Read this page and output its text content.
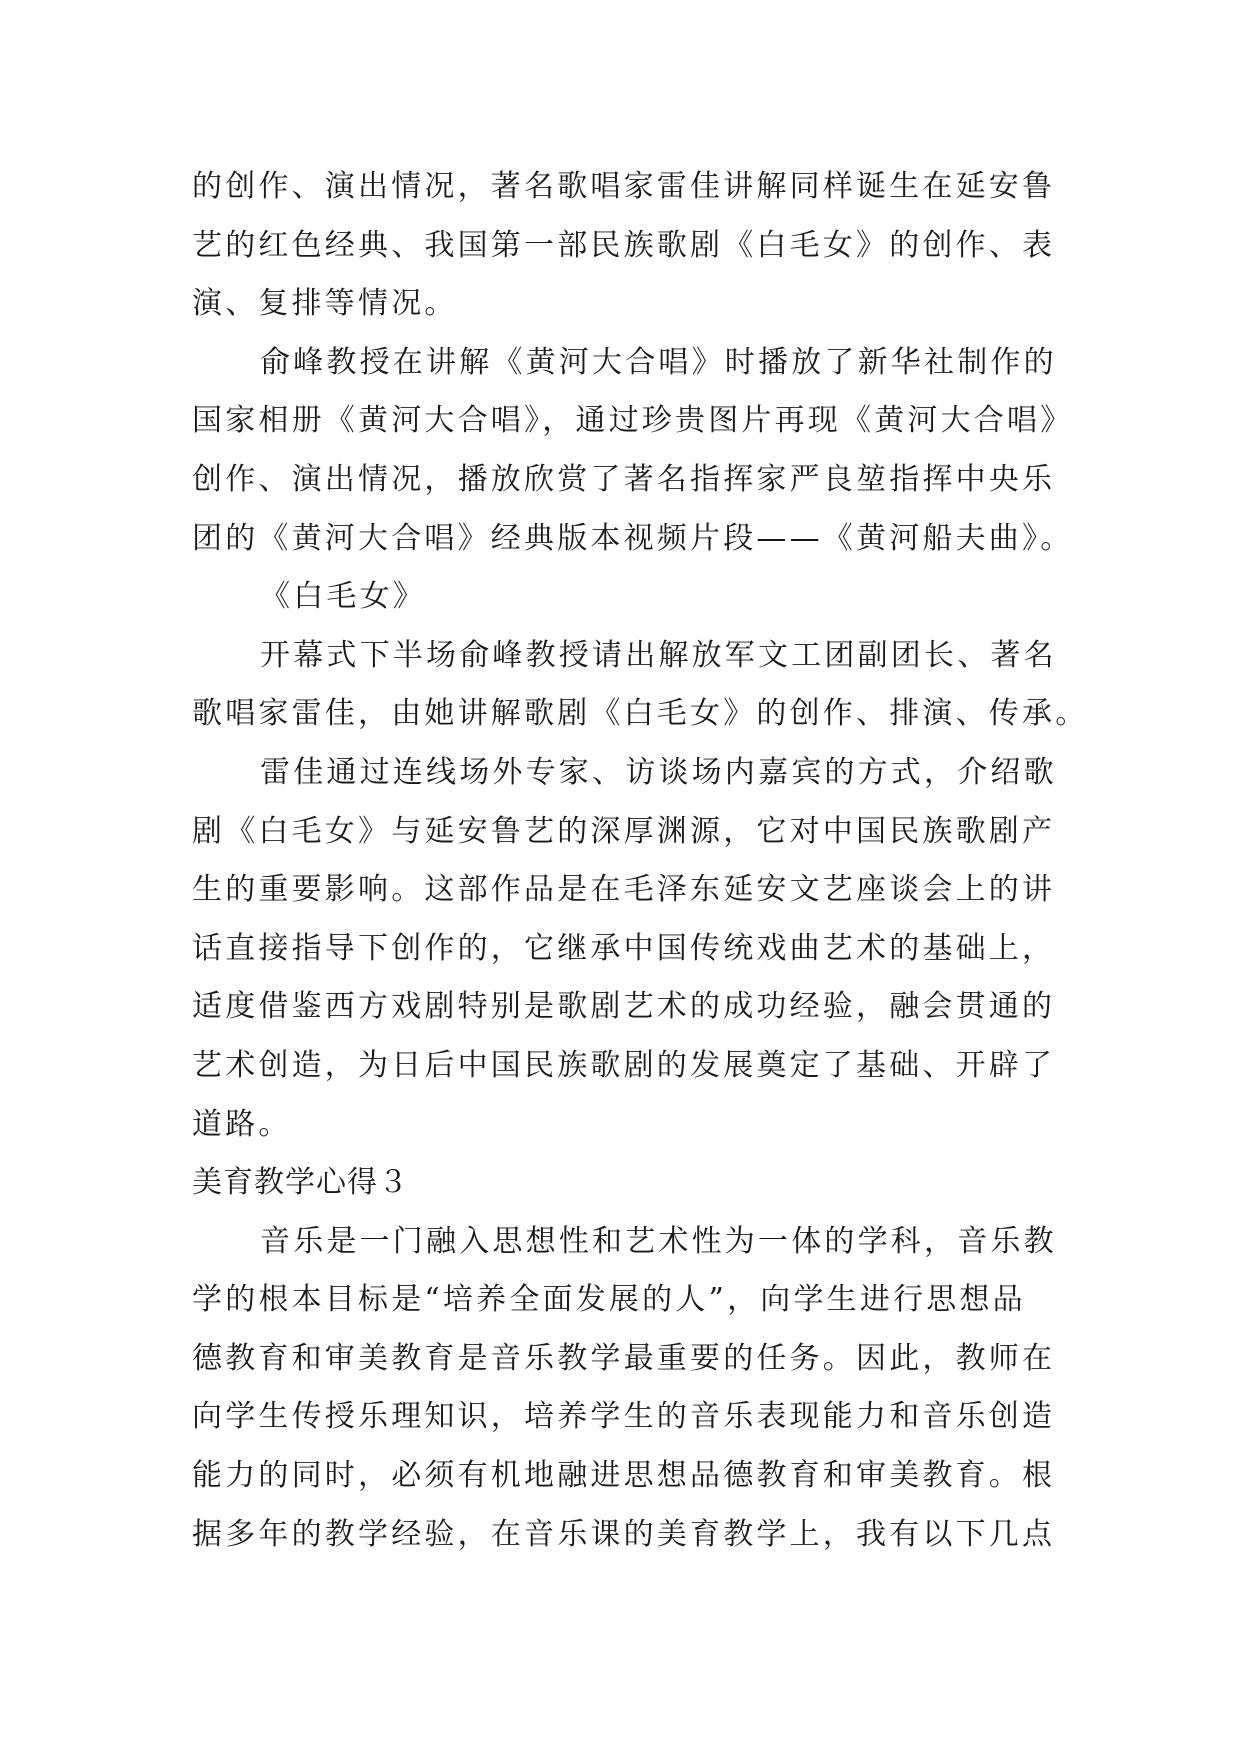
的创作、演出情况，著名歌唱家雷佳讲解同样诞生在延安鲁
艺的红色经典、我国第一部民族歌剧《白毛女》的创作、表
演、复排等情况。
俞峰教授在讲解《黄河大合唱》时播放了新华社制作的
国家相册《黄河大合唱》，通过珍贵图片再现《黄河大合唱》
创作、演出情况，播放欣赏了著名指挥家严良堃指挥中央乐
团的《黄河大合唱》经典版本视频片段——《黄河船夫曲》。
《白毛女》
开幕式下半场俞峰教授请出解放军文工团副团长、著名
歌唱家雷佳，由她讲解歌剧《白毛女》的创作、排演、传承。
雷佳通过连线场外专家、访谈场内嘉宾的方式，介绍歌
剧《白毛女》与延安鲁艺的深厚渊源，它对中国民族歌剧产
生的重要影响。这部作品是在毛泽东延安文艺座谈会上的讲
话直接指导下创作的，它继承中国传统戏曲艺术的基础上，
适度借鉴西方戏剧特别是歌剧艺术的成功经验，融会贯通的
艺术创造，为日后中国民族歌剧的发展奠定了基础、开辟了
道路。
美育教学心得３
音乐是一门融入思想性和艺术性为一体的学科，音乐教
学的根本目标是“培养全面发展的人”，向学生进行思想品
德教育和审美教育是音乐教学最重要的任务。因此，教师在
向学生传授乐理知识，培养学生的音乐表现能力和音乐创造
能力的同时，必须有机地融进思想品德教育和审美教育。根
据多年的教学经验，在音乐课的美育教学上，我有以下几点
